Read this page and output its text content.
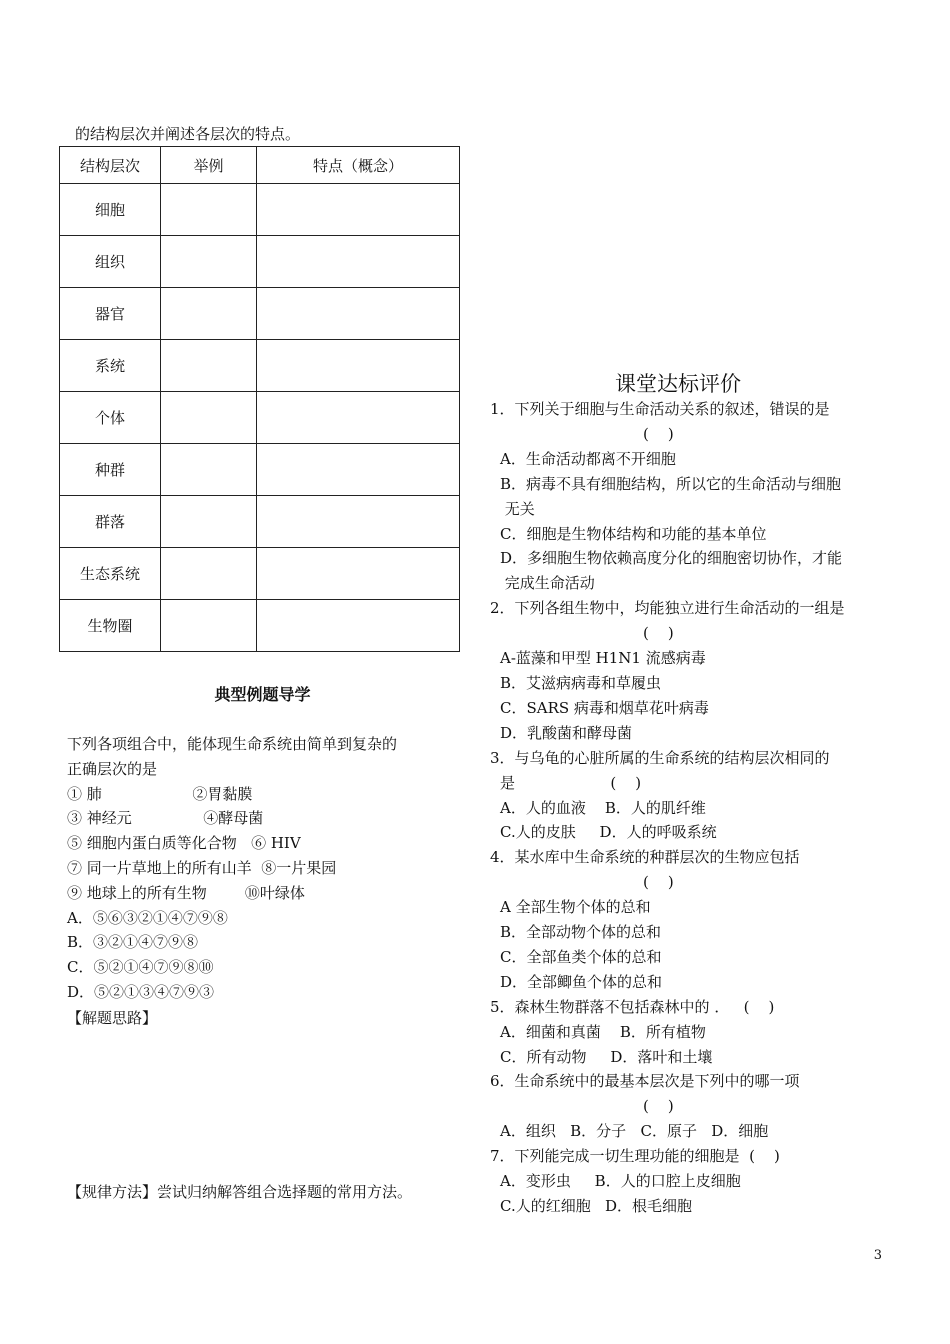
的结构层次并阐述各层次的特点。
结构层次	举例	特点（概念）
细胞		
组织		
器官		
系统		
个体		
种群		
群落		
生态系统		
生物圈		
典型例题导学
下列各项组合中，能体现生命系统由简单到复杂的
正确层次的是
① 肺                   ②胃黏膜
③ 神经元               ④酵母菌
⑤ 细胞内蛋白质等化合物   ⑥ HIV
⑦ 同一片草地上的所有山羊  ⑧一片果园
⑨ 地球上的所有生物        ⑩叶绿体
A．⑤⑥③②①④⑦⑨⑧
B．③②①④⑦⑨⑧
C．⑤②①④⑦⑨⑧⑩
D．⑤②①③④⑦⑨③
【解题思路】
【规律方法】尝试归纳解答组合选择题的常用方法。
课堂达标评价
1．下列关于细胞与生命活动关系的叙述，错误的是
(    )
A．生命活动都离不开细胞
B．病毒不具有细胞结构，所以它的生命活动与细胞
无关
C．细胞是生物体结构和功能的基本单位
D．多细胞生物依赖高度分化的细胞密切协作，才能
完成生命活动
2．下列各组生物中，均能独立进行生命活动的一组是
(    )
A-蓝藻和甲型 H1N1 流感病毒
B．艾滋病病毒和草履虫
C．SARS 病毒和烟草花叶病毒
D．乳酸菌和酵母菌
3．与乌龟的心脏所属的生命系统的结构层次相同的
是                    (    )
A．人的血液    B．人的肌纤维
C.人的皮肤     D．人的呼吸系统
4．某水库中生命系统的种群层次的生物应包括
(    )
A 全部生物个体的总和
B．全部动物个体的总和
C．全部鱼类个体的总和
D．全部鲫鱼个体的总和
5．森林生物群落不包括森林中的 ．   (    )
A．细菌和真菌    B．所有植物
C．所有动物     D．落叶和土壤
6．生命系统中的最基本层次是下列中的哪一项
(    )
A．组织   B．分子   C．原子   D．细胞
7．下列能完成一切生理功能的细胞是  (    )
A．变形虫     B．人的口腔上皮细胞
C.人的红细胞   D．根毛细胞
3
